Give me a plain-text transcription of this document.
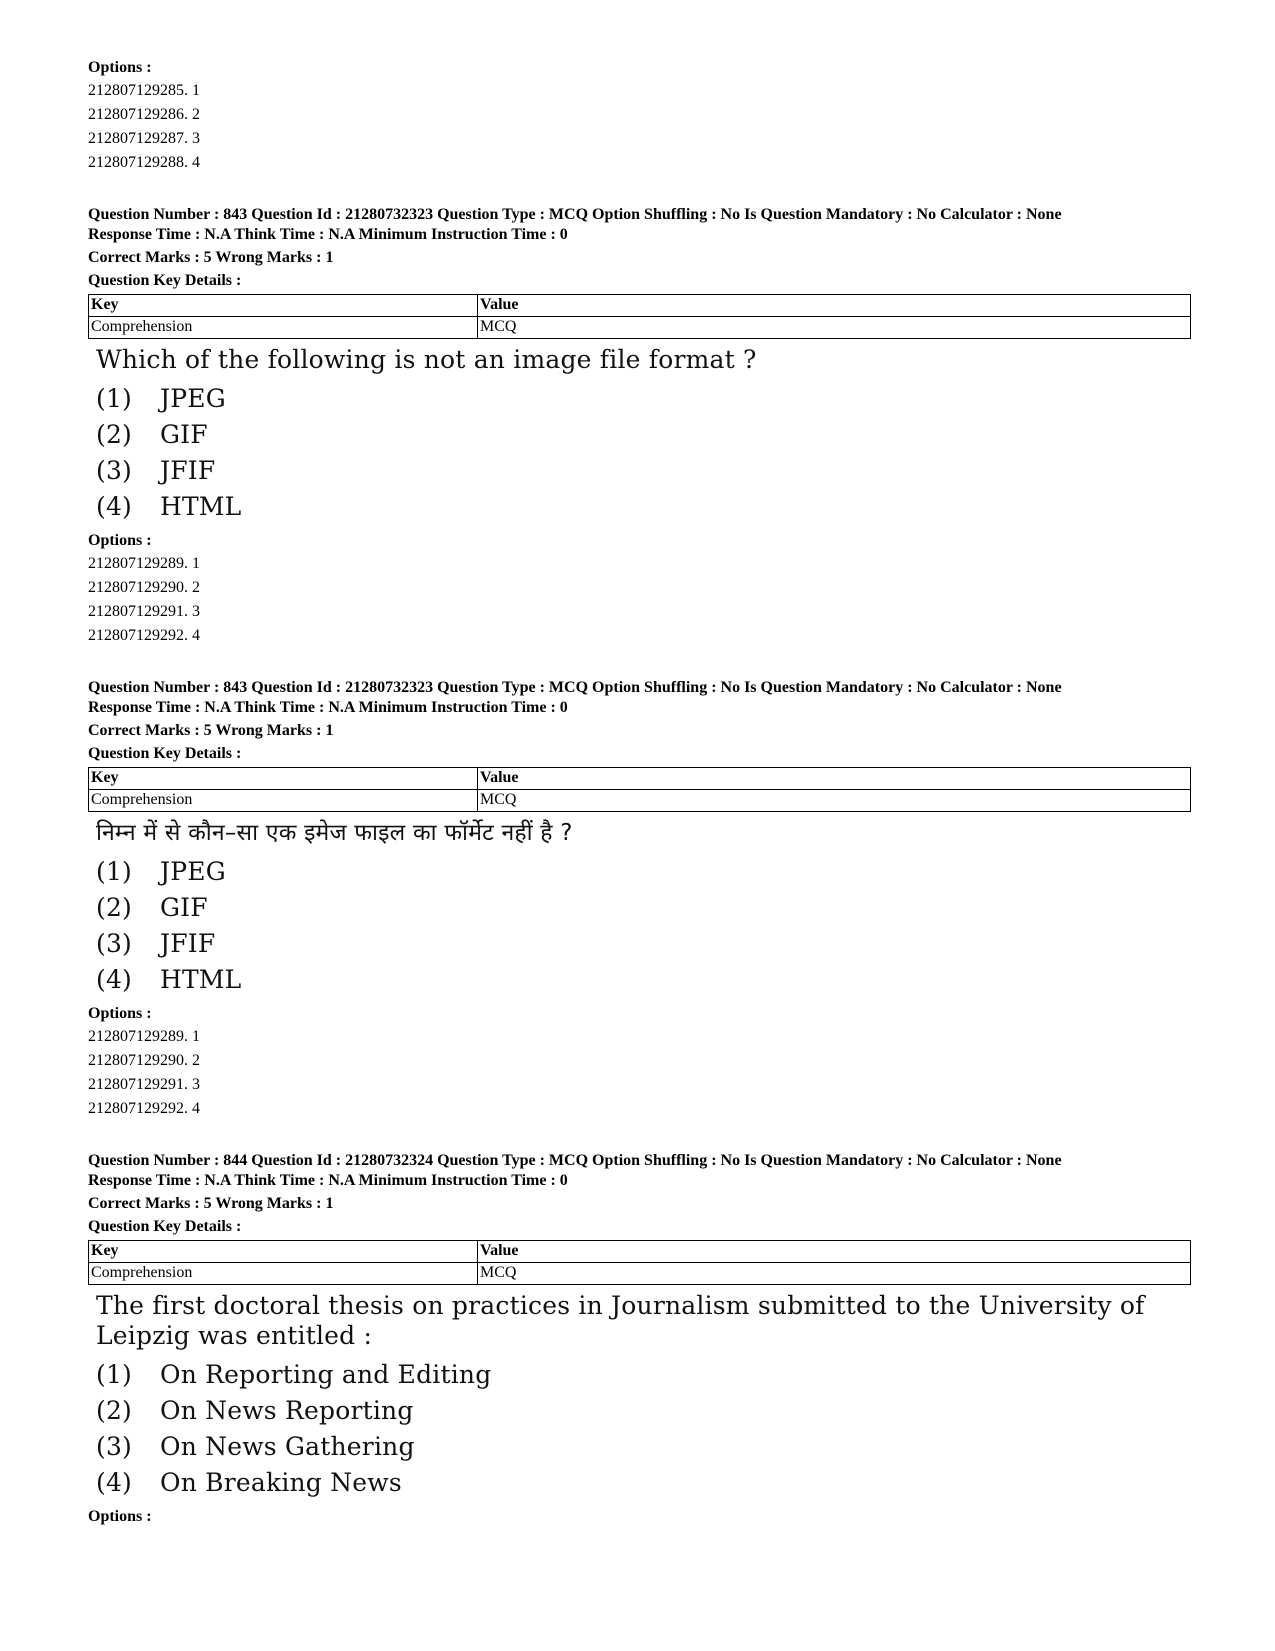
Options :
212807129285. 1
212807129286. 2
212807129287. 3
212807129288. 4
Question Number : 843 Question Id : 21280732323 Question Type : MCQ Option Shuffling : No Is Question Mandatory : No Calculator : None
Response Time : N.A Think Time : N.A Minimum Instruction Time : 0
Correct Marks : 5 Wrong Marks : 1
Question Key Details :
Key	Value
Comprehension	MCQ
Which of the following is not an image file format ?
(1)	JPEG
(2)	GIF
(3)	JFIF
(4)	HTML
Options :
212807129289. 1
212807129290. 2
212807129291. 3
212807129292. 4
Question Number : 843 Question Id : 21280732323 Question Type : MCQ Option Shuffling : No Is Question Mandatory : No Calculator : None
Response Time : N.A Think Time : N.A Minimum Instruction Time : 0
Correct Marks : 5 Wrong Marks : 1
Question Key Details :
Key	Value
Comprehension	MCQ
निम्न में से कौन–सा एक इमेज फाइल का फॉर्मेट नहीं है ?
(1)	JPEG
(2)	GIF
(3)	JFIF
(4)	HTML
Options :
212807129289. 1
212807129290. 2
212807129291. 3
212807129292. 4
Question Number : 844 Question Id : 21280732324 Question Type : MCQ Option Shuffling : No Is Question Mandatory : No Calculator : None
Response Time : N.A Think Time : N.A Minimum Instruction Time : 0
Correct Marks : 5 Wrong Marks : 1
Question Key Details :
Key	Value
Comprehension	MCQ
The first doctoral thesis on practices in Journalism submitted to the University of Leipzig was entitled :
(1)	On Reporting and Editing
(2)	On News Reporting
(3)	On News Gathering
(4)	On Breaking News
Options :
